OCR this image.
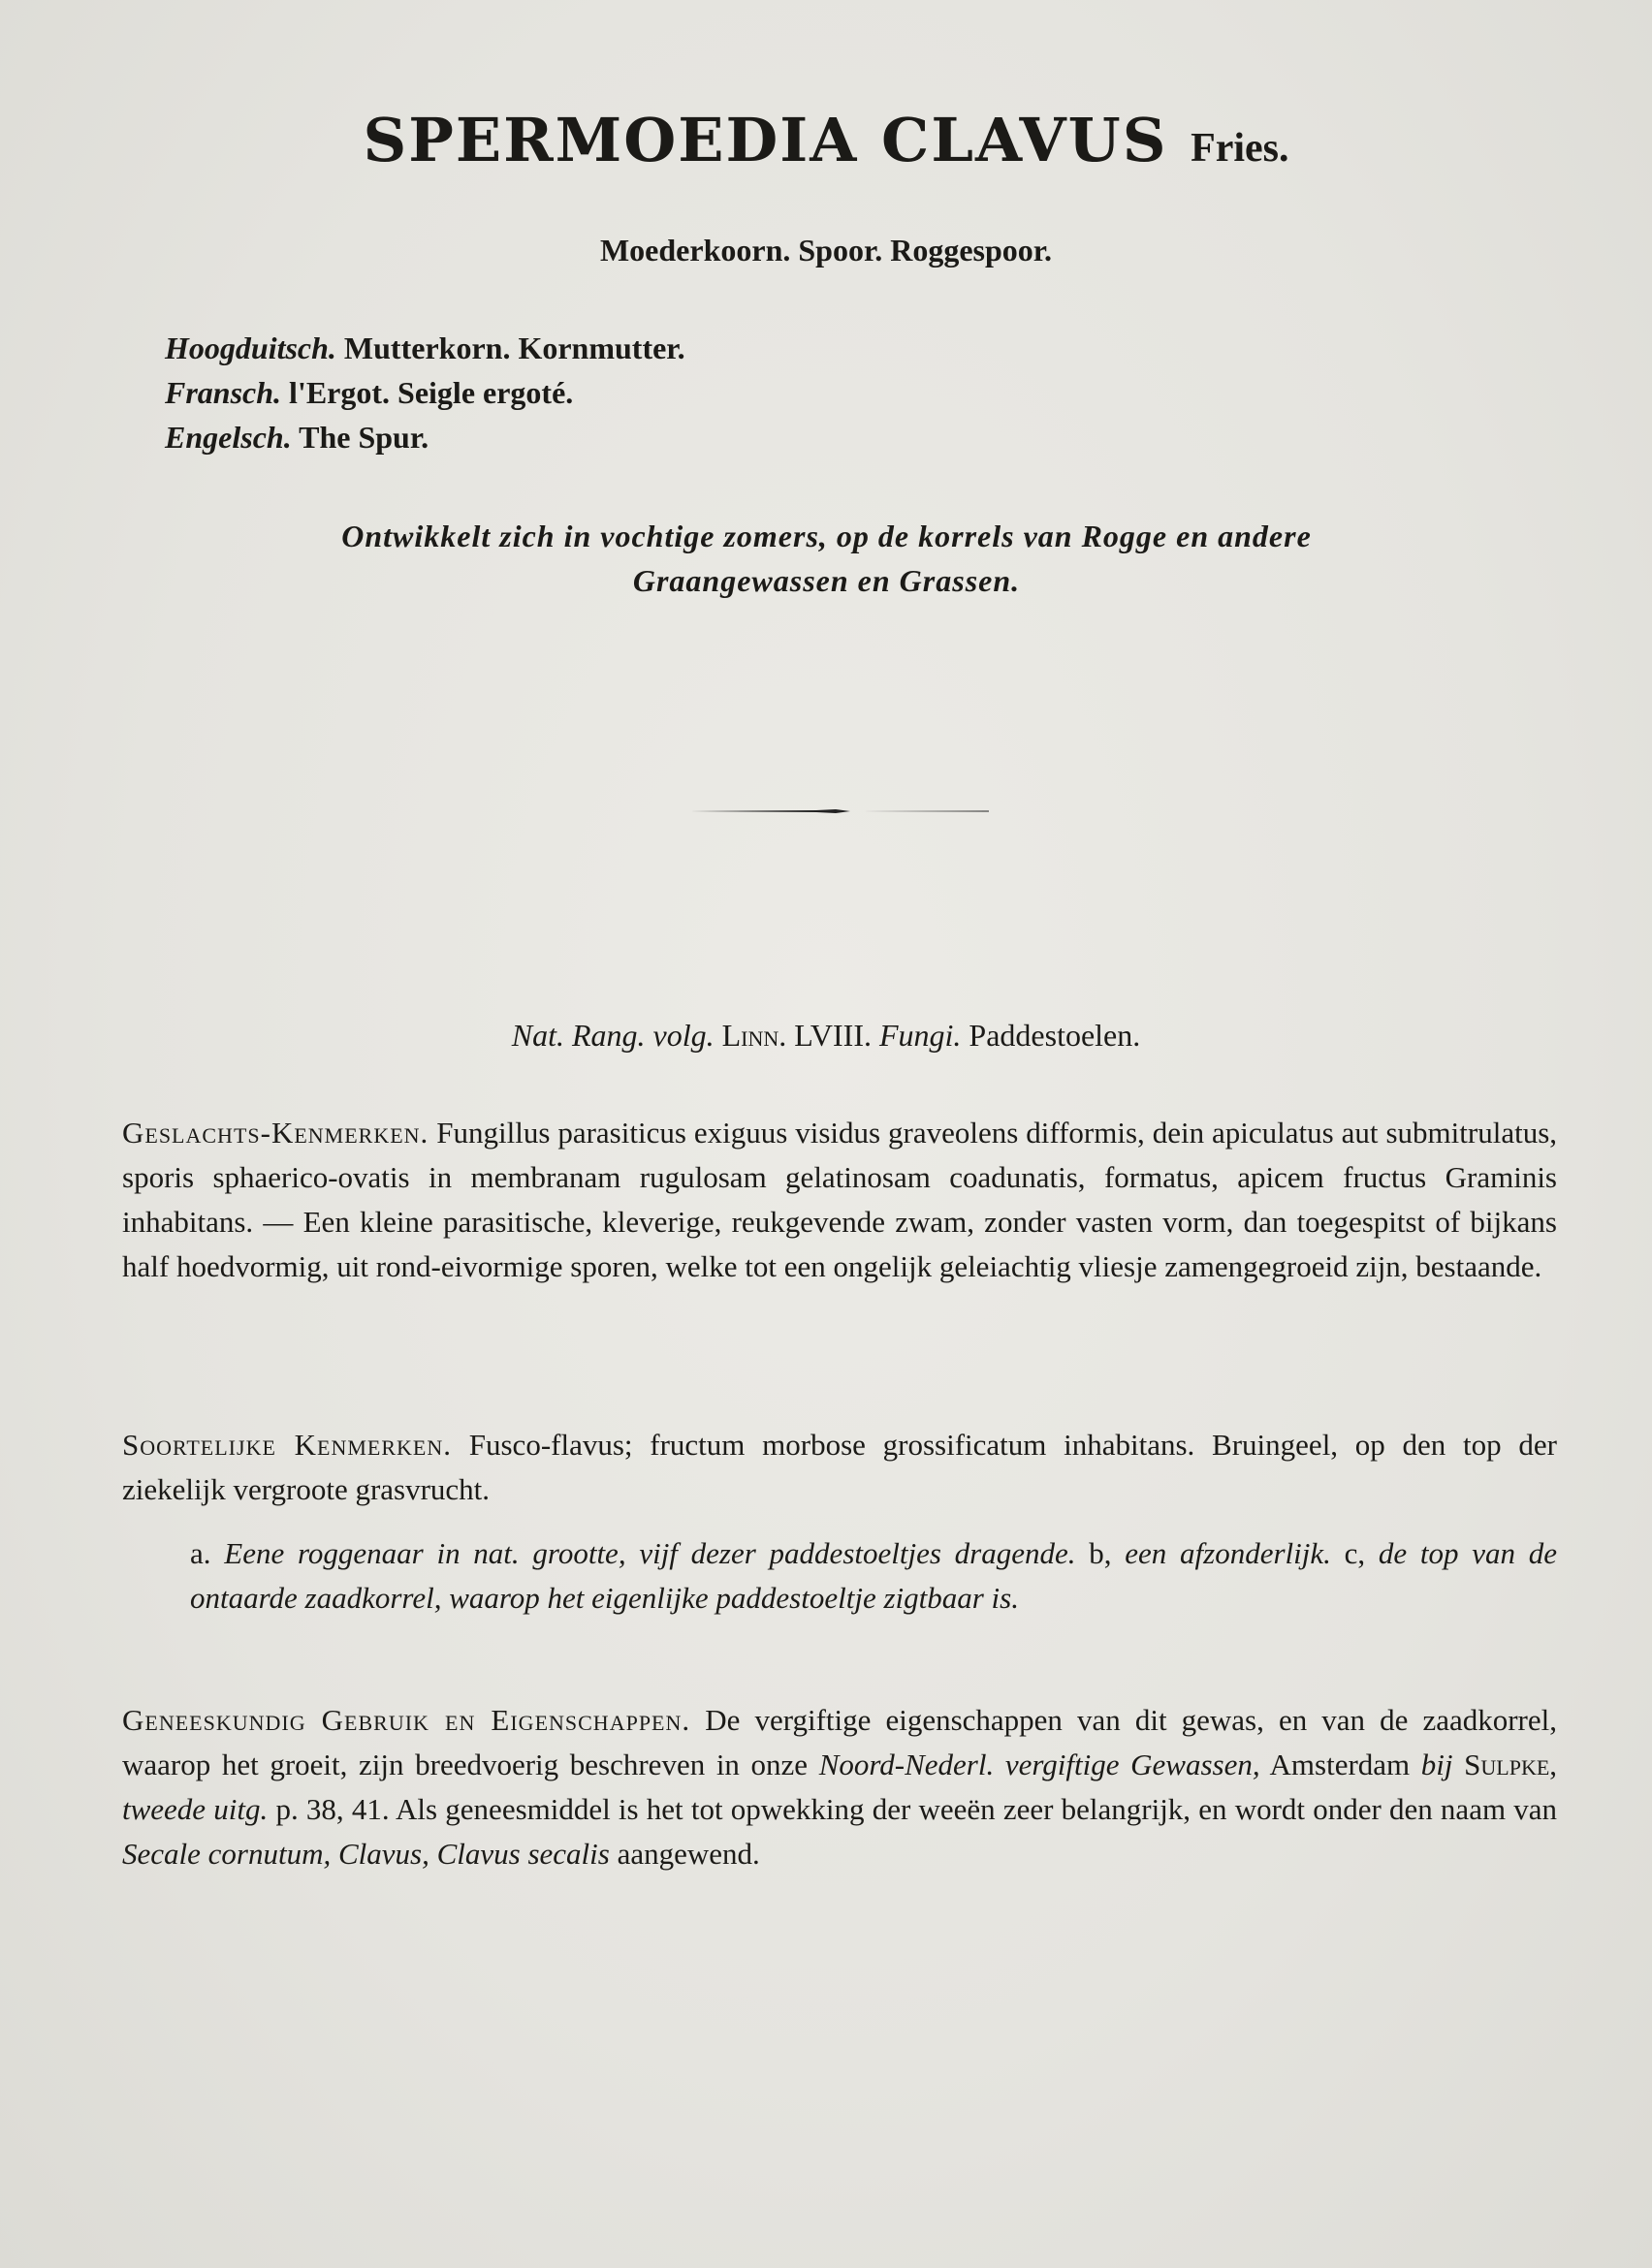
SPERMOEDIA CLAVUS Fries.
Moederkoorn. Spoor. Roggespoor.
Hoogduitsch. Mutterkorn. Kornmutter.
Fransch. l'Ergot. Seigle ergoté.
Engelsch. The Spur.
Ontwikkelt zich in vochtige zomers, op de korrels van Rogge en andere
Graangewassen en Grassen.
Nat. Rang. volg. Linn. LVIII. Fungi. Paddestoelen.
Geslachts-Kenmerken. Fungillus parasiticus exiguus visidus graveolens difformis, dein apiculatus aut submitrulatus, sporis sphaerico-ovatis in membranam rugulosam gelatinosam coadunatis, formatus, apicem fructus Graminis inhabitans. — Een kleine parasitische, kleverige, reukgevende zwam, zonder vasten vorm, dan toegespitst of bijkans half hoedvormig, uit rond-eivormige sporen, welke tot een ongelijk geleiachtig vliesje zamengegroeid zijn, bestaande.
Soortelijke Kenmerken. Fusco-flavus; fructum morbose grossificatum inhabitans. Bruingeel, op den top der ziekelijk vergroote grasvrucht.
a. Eene roggenaar in nat. grootte, vijf dezer paddestoeltjes dragende. b, een afzonderlijk. c, de top van de ontaarde zaadkorrel, waarop het eigenlijke paddestoeltje zigtbaar is.
Geneeskundig Gebruik en Eigenschappen. De vergiftige eigenschappen van dit gewas, en van de zaadkorrel, waarop het groeit, zijn breedvoerig beschreven in onze Noord-Nederl. vergiftige Gewassen, Amsterdam bij Sulpke, tweede uitg. p. 38, 41. Als geneesmiddel is het tot opwekking der weeën zeer belangrijk, en wordt onder den naam van Secale cornutum, Clavus, Clavus secalis aangewend.
